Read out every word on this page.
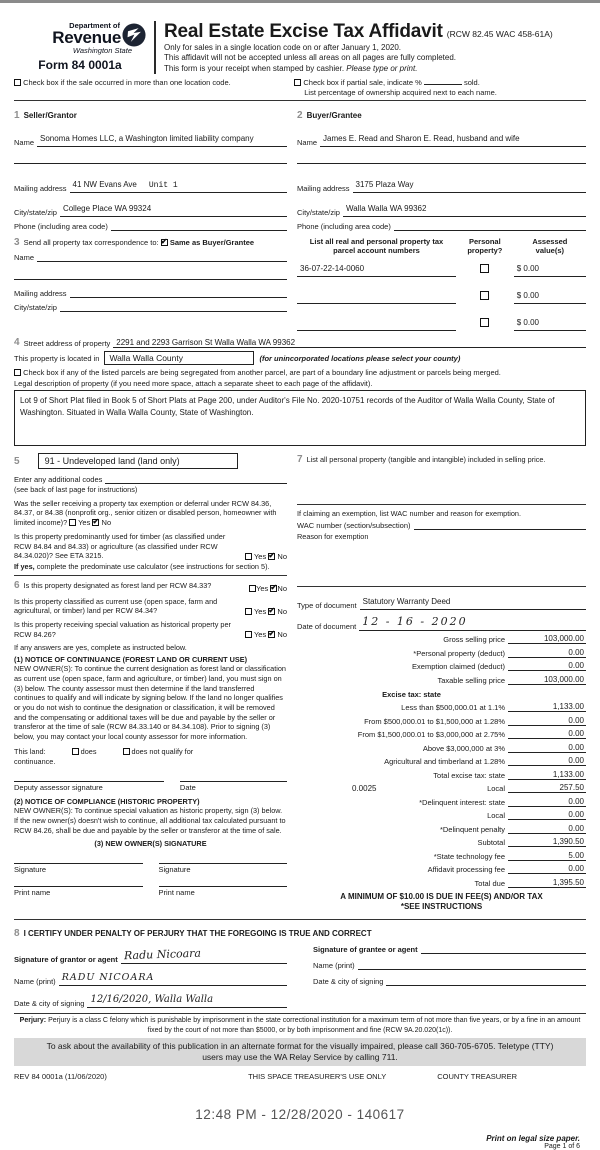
Department of
Revenue
Washington State
Form 84 0001a
Real Estate Excise Tax Affidavit (RCW 82.45 WAC 458-61A)
Only for sales in a single location code on or after January 1, 2020.
This affidavit will not be accepted unless all areas on all pages are fully completed.
This form is your receipt when stamped by cashier. Please type or print.
Check box if the sale occurred in more than one location code.	Check box if partial sale, indicate %	sold.
List percentage of ownership acquired next to each name.
1 Seller/Grantor
Name Sonoma Homes LLC, a Washington limited liability company
Mailing address 41 NW Evans Ave Unit 1
City/state/zip College Place WA 99324
Phone (including area code)
2 Buyer/Grantee
Name James E. Read and Sharon E. Read, husband and wife
Mailing address 3175 Plaza Way
City/state/zip Walla Walla WA 99362
Phone (including area code)
3 Send all property tax correspondence to: ✔ Same as Buyer/Grantee
Name
Mailing address
City/state/zip
List all real and personal property tax
parcel account numbers
Personal
property?
Assessed
value(s)
36-07-22-14-0060	$ 0.00
$ 0.00
$ 0.00
4 Street address of property 2291 and 2293 Garrison St Walla Walla WA 99362
This property is located in	Walla Walla County	(for unincorporated locations please select your county)
Check box if any of the listed parcels are being segregated from another parcel, are part of a boundary line adjustment or parcels being merged.
Legal description of property (if you need more space, attach a separate sheet to each page of the affidavit).
Lot 9 of Short Plat filed in Book 5 of Short Plats at Page 200, under Auditor's File No. 2020-10751 records of the Auditor of Walla Walla County, State of Washington. Situated in Walla Walla County, State of Washington.
5	91 - Undeveloped land (land only)
Enter any additional codes
(see back of last page for instructions)
Was the seller receiving a property tax exemption or deferral under RCW 84.36, 84.37, or 84.38 (nonprofit org., senior citizen or disabled person, homeowner with limited income)? Yes ✔ No
Is this property predominantly used for timber (as classified under RCW 84.84 and 84.33) or agriculture (as classified under RCW 84.34.020)? See ETA 3215.	Yes ✔ No
If yes, complete the predominate use calculator (see instructions for section 5).
6 Is this property designated as forest land per RCW 84.33?	Yes ✔ No
Is this property classified as current use (open space, farm and agricultural, or timber) land per RCW 84.34?	Yes ✔ No
Is this property receiving special valuation as historical property per RCW 84.26?	Yes ✔ No
If any answers are yes, complete as instructed below.
(1) NOTICE OF CONTINUANCE (FOREST LAND OR CURRENT USE)
NEW OWNER(S): To continue the current designation as forest land or classification as current use (open space, farm and agriculture, or timber) land, you must sign on (3) below. The county assessor must then determine if the land transferred continues to qualify and will indicate by signing below. If the land no longer qualifies or you do not wish to continue the designation or classification, it will be removed and the compensating or additional taxes will be due and payable by the seller or transferor at the time of sale (RCW 84.33.140 or 84.34.108). Prior to signing (3) below, you may contact your local county assessor for more information.
This land:	does	does not qualify for
continuance.
Deputy assessor signature	Date
(2) NOTICE OF COMPLIANCE (HISTORIC PROPERTY)
NEW OWNER(S): To continue special valuation as historic property, sign (3) below. If the new owner(s) doesn't wish to continue, all additional tax calculated pursuant to RCW 84.26, shall be due and payable by the seller or transferor at the time of sale.
(3) NEW OWNER(S) SIGNATURE
Signature	Signature
Print name	Print name
7 List all personal property (tangible and intangible) included in selling price.
If claiming an exemption, list WAC number and reason for exemption.
WAC number (section/subsection)
Reason for exemption
Type of document Statutory Warranty Deed
Date of document 12 - 16 - 2020
Gross selling price	103,000.00
*Personal property (deduct)	0.00
Exemption claimed (deduct)	0.00
Taxable selling price	103,000.00
Excise tax: state
Less than $500,000.01 at 1.1%	1,133.00
From $500,000.01 to $1,500,000 at 1.28%	0.00
From $1,500,000.01 to $3,000,000 at 2.75%	0.00
Above $3,000,000 at 3%	0.00
Agricultural and timberland at 1.28%	0.00
Total excise tax: state	1,133.00
0.0025	Local	257.50
*Delinquent interest: state	0.00
Local	0.00
*Delinquent penalty	0.00
Subtotal	1,390.50
*State technology fee	5.00
Affidavit processing fee	0.00
Total due	1,395.50
A MINIMUM OF $10.00 IS DUE IN FEE(S) AND/OR TAX
*SEE INSTRUCTIONS
8 I CERTIFY UNDER PENALTY OF PERJURY THAT THE FOREGOING IS TRUE AND CORRECT
Signature of grantor or agent Radu Nicoara
Name (print) RADU NICOARA
Date & city of signing 12/16/2020, Walla Walla
Signature of grantee or agent
Name (print)
Date & city of signing
Perjury: Perjury is a class C felony which is punishable by imprisonment in the state correctional institution for a maximum term of not more than five years, or by a fine in an amount fixed by the court of not more than $5000, or by both imprisonment and fine (RCW 9A.20.020(1c)).
To ask about the availability of this publication in an alternate format for the visually impaired, please call 360-705-6705. Teletype (TTY) users may use the WA Relay Service by calling 711.
REV 84 0001a (11/06/2020)	THIS SPACE TREASURER'S USE ONLY	COUNTY TREASURER
12:48 PM - 12/28/2020 - 140617
Print on legal size paper.
Page 1 of 6
